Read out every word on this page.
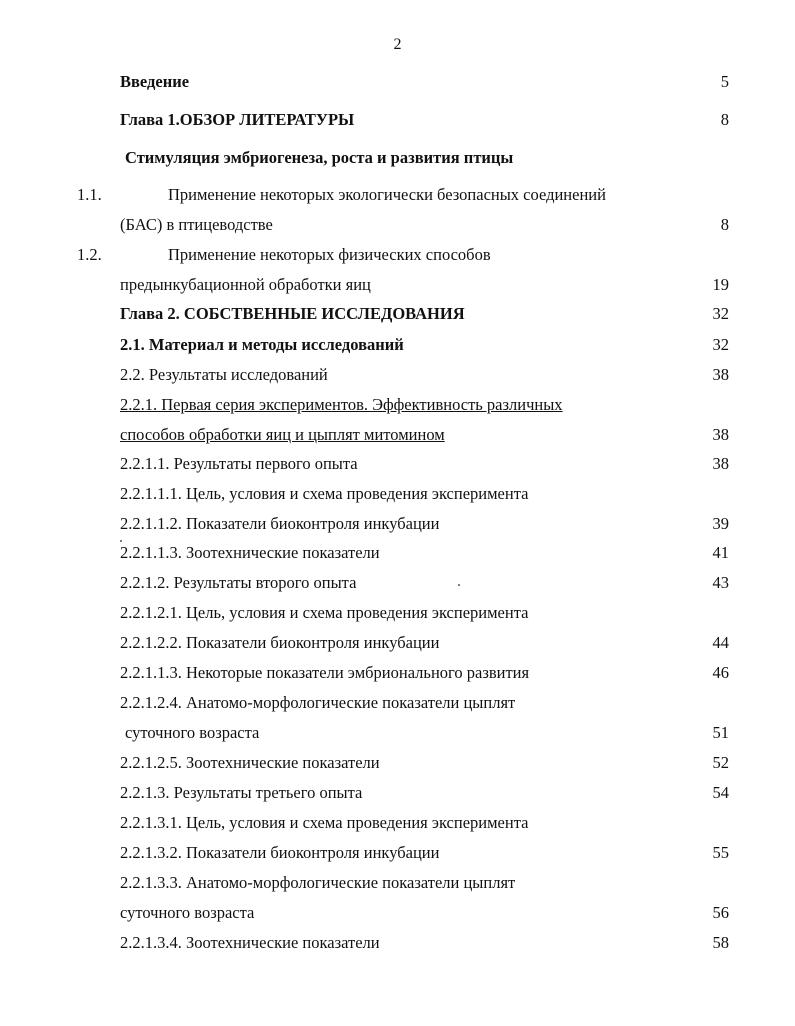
2
Введение	5
Глава 1.ОБЗОР ЛИТЕРАТУРЫ	8
Стимуляция эмбриогенеза, роста и развития птицы
1.1.	Применение некоторых экологически безопасных соединений
(БАС) в птицеводстве	8
1.2.	Применение некоторых физических способов
предынкубационной обработки яиц	19
Глава 2. СОБСТВЕННЫЕ ИССЛЕДОВАНИЯ	32
2.1. Материал и методы исследований	32
2.2. Результаты исследований	38
2.2.1. Первая серия экспериментов. Эффективность различных
способов обработки яиц и цыплят митомином	38
2.2.1.1. Результаты первого опыта	38
2.2.1.1.1. Цель, условия и схема проведения эксперимента
2.2.1.1.2. Показатели биоконтроля инкубации	39
2.2.1.1.3. Зоотехнические показатели	41
2.2.1.2. Результаты второго опыта	43
2.2.1.2.1. Цель, условия и схема проведения эксперимента
2.2.1.2.2. Показатели биоконтроля инкубации	44
2.2.1.1.3. Некоторые показатели эмбрионального развития	46
2.2.1.2.4. Анатомо-морфологические показатели цыплят
суточного возраста	51
2.2.1.2.5. Зоотехнические показатели	52
2.2.1.3. Результаты третьего опыта	54
2.2.1.3.1. Цель, условия и схема проведения эксперимента
2.2.1.3.2. Показатели биоконтроля инкубации	55
2.2.1.3.3. Анатомо-морфологические показатели цыплят
суточного возраста	56
2.2.1.3.4. Зоотехнические показатели	58
